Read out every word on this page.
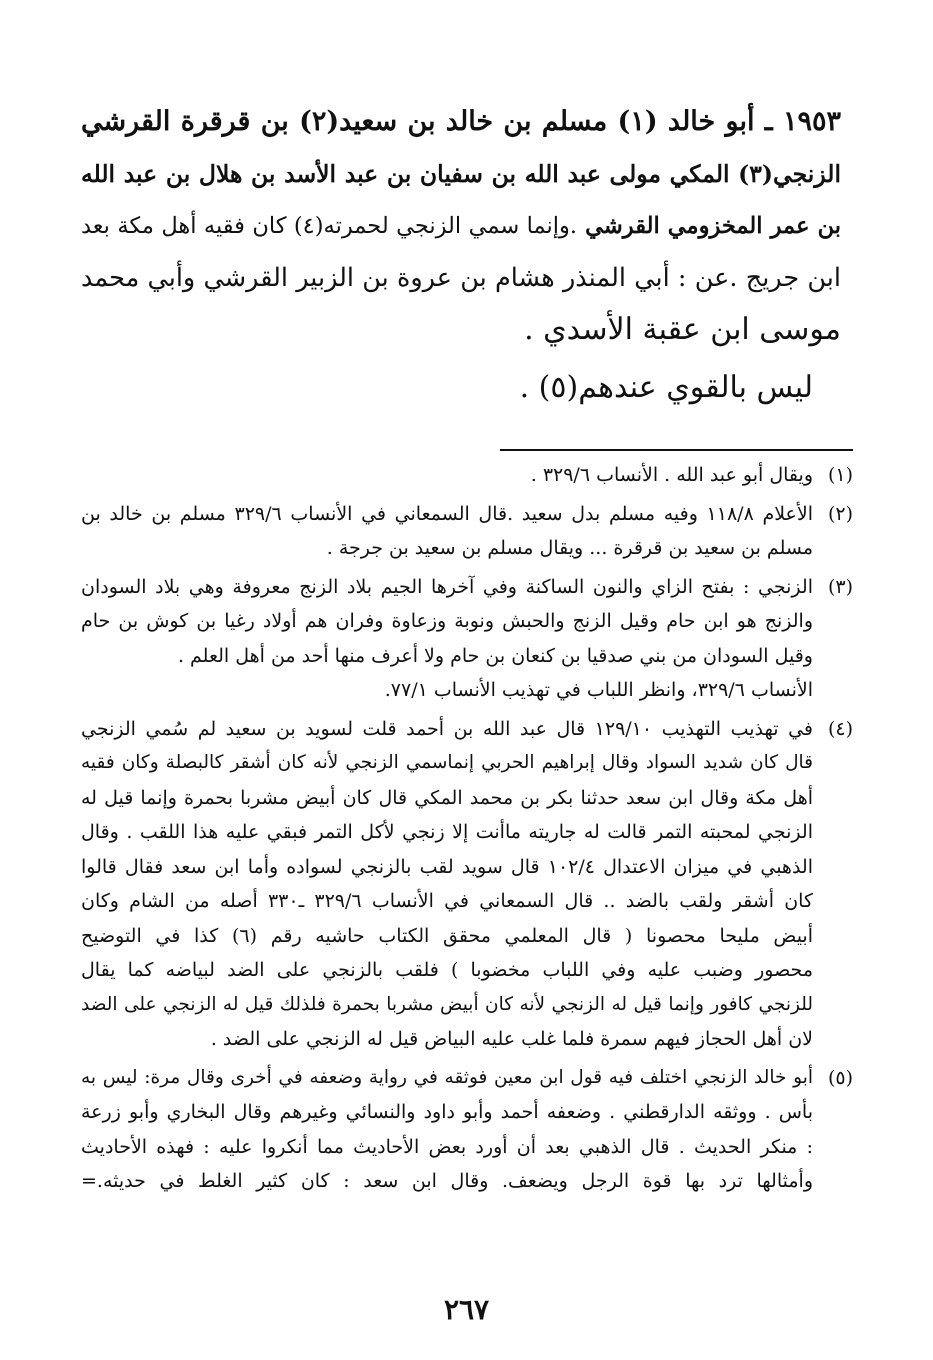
١٩٥٣ ـ أبو خالد (١) مسلم بن خالد بن سعيد(٢) بن قرقرة القرشي
الزنجي(٣) المكي مولى عبد الله بن سفيان بن عبد الأسد بن هلال بن عبد الله
بن عمر المخزومي القرشي .وإنما سمي الزنجي لحمرته(٤) كان فقيه أهل مكة بعد
ابن جريج .عن : أبي المنذر هشام بن عروة بن الزبير القرشي وأبي محمد
موسى ابن عقبة الأسدي .
ليس بالقوي عندهم(٥) .
(١)
ويقال أبو عبد الله . الأنساب ٣٢٩/٦ .
(٢)
الأعلام ١١٨/٨ وفيه مسلم بدل سعيد .قال السمعاني في الأنساب ٣٢٩/٦ مسلم بن خالد بن
مسلم بن سعيد بن قرقرة ... ويقال مسلم بن سعيد بن جرجة .
(٣)
الزنجي : بفتح الزاي والنون الساكنة وفي آخرها الجيم بلاد الزنج معروفة وهي بلاد السودان
والزنج هو ابن حام وقيل الزنج والحبش ونوبة وزعاوة وفران هم أولاد رغيا بن كوش بن حام
وقيل السودان من بني صدقيا بن كنعان بن حام ولا أعرف منها أحد من أهل العلم .
الأنساب ٣٢٩/٦، وانظر اللباب في تهذيب الأنساب ٧٧/١.
(٤)
في تهذيب التهذيب ١٢٩/١٠ قال عبد الله بن أحمد قلت لسويد بن سعيد لم سُمي الزنجي
قال كان شديد السواد وقال إبراهيم الحربي إنماسمي الزنجي لأنه كان أشقر كالبصلة وكان فقيه
أهل مكة وقال ابن سعد حدثنا بكر بن محمد المكي قال كان أبيض مشربا بحمرة وإنما قيل له
الزنجي لمحبته التمر قالت له جاريته ماأنت إلا زنجي لأكل التمر فبقي عليه هذا اللقب . وقال
الذهبي في ميزان الاعتدال ١٠٢/٤ قال سويد لقب بالزنجي لسواده وأما ابن سعد فقال قالوا
كان أشقر ولقب بالضد .. قال السمعاني في الأنساب ٣٢٩/٦ ـ٣٣٠ أصله من الشام وكان
أبيض مليحا محصونا ( قال المعلمي محقق الكتاب حاشيه رقم (٦) كذا في التوضيح
محصور وضبب عليه وفي اللباب مخضوبا ) فلقب بالزنجي على الضد لبياضه كما يقال
للزنجي كافور وإنما قيل له الزنجي لأنه كان أبيض مشربا بحمرة فلذلك قيل له الزنجي على الضد
لان أهل الحجاز فيهم سمرة فلما غلب عليه البياض قيل له الزنجي على الضد .
(٥)
أبو خالد الزنجي اختلف فيه قول ابن معين فوثقه في رواية وضعفه في أخرى وقال مرة: ليس به
بأس . ووثقه الدارقطني . وضعفه أحمد وأبو داود والنسائي وغيرهم وقال البخاري وأبو زرعة
: منكر الحديث . قال الذهبي بعد أن أورد بعض الأحاديث مما أنكروا عليه : فهذه الأحاديث
وأمثالها ترد بها قوة الرجل ويضعف. وقال ابن سعد : كان كثير الغلط في حديثه.=
٢٦٧
